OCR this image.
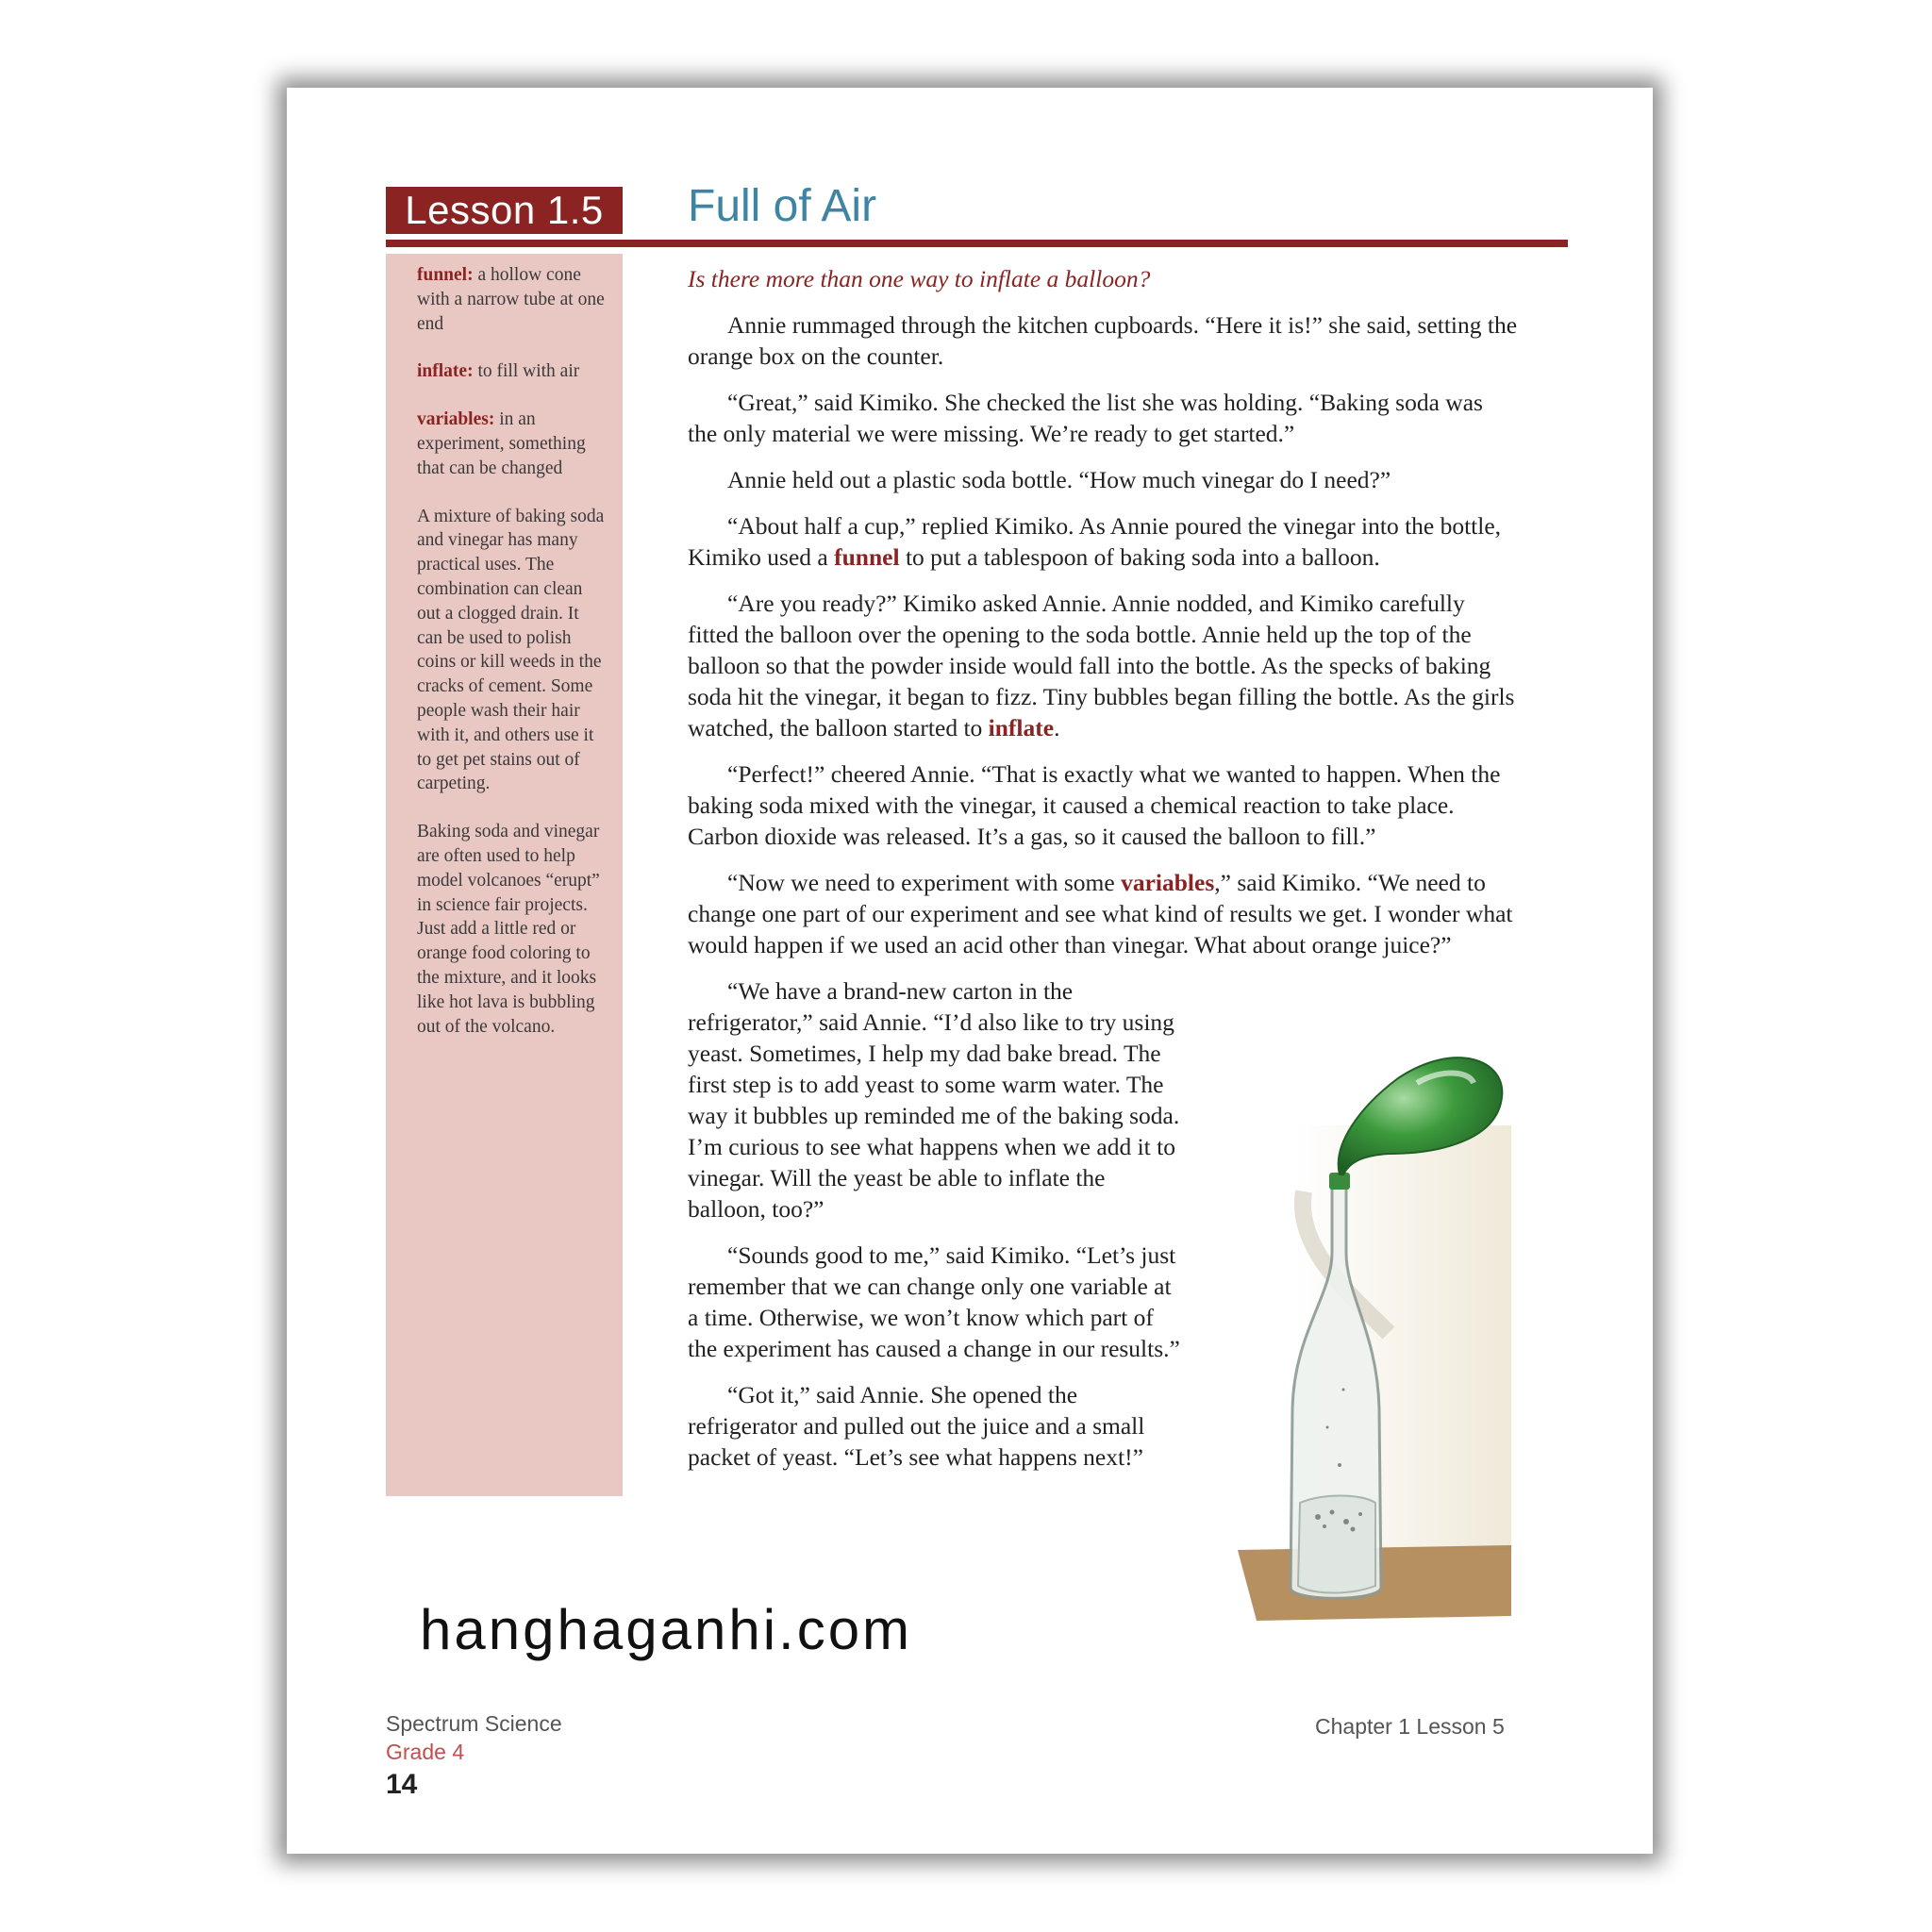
Lesson 1.5	Full of Air

funnel: a hollow cone with a narrow tube at one end

inflate: to fill with air

variables: in an experiment, something that can be changed

A mixture of baking soda and vinegar has many practical uses. The combination can clean out a clogged drain. It can be used to polish coins or kill weeds in the cracks of cement. Some people wash their hair with it, and others use it to get pet stains out of carpeting.

Baking soda and vinegar are often used to help model volcanoes “erupt” in science fair projects. Just add a little red or orange food coloring to the mixture, and it looks like hot lava is bubbling out of the volcano.

Is there more than one way to inflate a balloon?

Annie rummaged through the kitchen cupboards. “Here it is!” she said, setting the orange box on the counter.

“Great,” said Kimiko. She checked the list she was holding. “Baking soda was the only material we were missing. We’re ready to get started.”

Annie held out a plastic soda bottle. “How much vinegar do I need?”

“About half a cup,” replied Kimiko. As Annie poured the vinegar into the bottle, Kimiko used a funnel to put a tablespoon of baking soda into a balloon.

“Are you ready?” Kimiko asked Annie. Annie nodded, and Kimiko carefully fitted the balloon over the opening to the soda bottle. Annie held up the top of the balloon so that the powder inside would fall into the bottle. As the specks of baking soda hit the vinegar, it began to fizz. Tiny bubbles began filling the bottle. As the girls watched, the balloon started to inflate.

“Perfect!” cheered Annie. “That is exactly what we wanted to happen. When the baking soda mixed with the vinegar, it caused a chemical reaction to take place. Carbon dioxide was released. It’s a gas, so it caused the balloon to fill.”

“Now we need to experiment with some variables,” said Kimiko. “We need to change one part of our experiment and see what kind of results we get. I wonder what would happen if we used an acid other than vinegar. What about orange juice?”

“We have a brand-new carton in the refrigerator,” said Annie. “I’d also like to try using yeast. Sometimes, I help my dad bake bread. The first step is to add yeast to some warm water. The way it bubbles up reminded me of the baking soda. I’m curious to see what happens when we add it to vinegar. Will the yeast be able to inflate the balloon, too?”

“Sounds good to me,” said Kimiko. “Let’s just remember that we can change only one variable at a time. Otherwise, we won’t know which part of the experiment has caused a change in our results.”

“Got it,” said Annie. She opened the refrigerator and pulled out the juice and a small packet of yeast. “Let’s see what happens next!”

Spectrum Science
Grade 4
14
Chapter 1 Lesson 5
hanghaganhi.com
